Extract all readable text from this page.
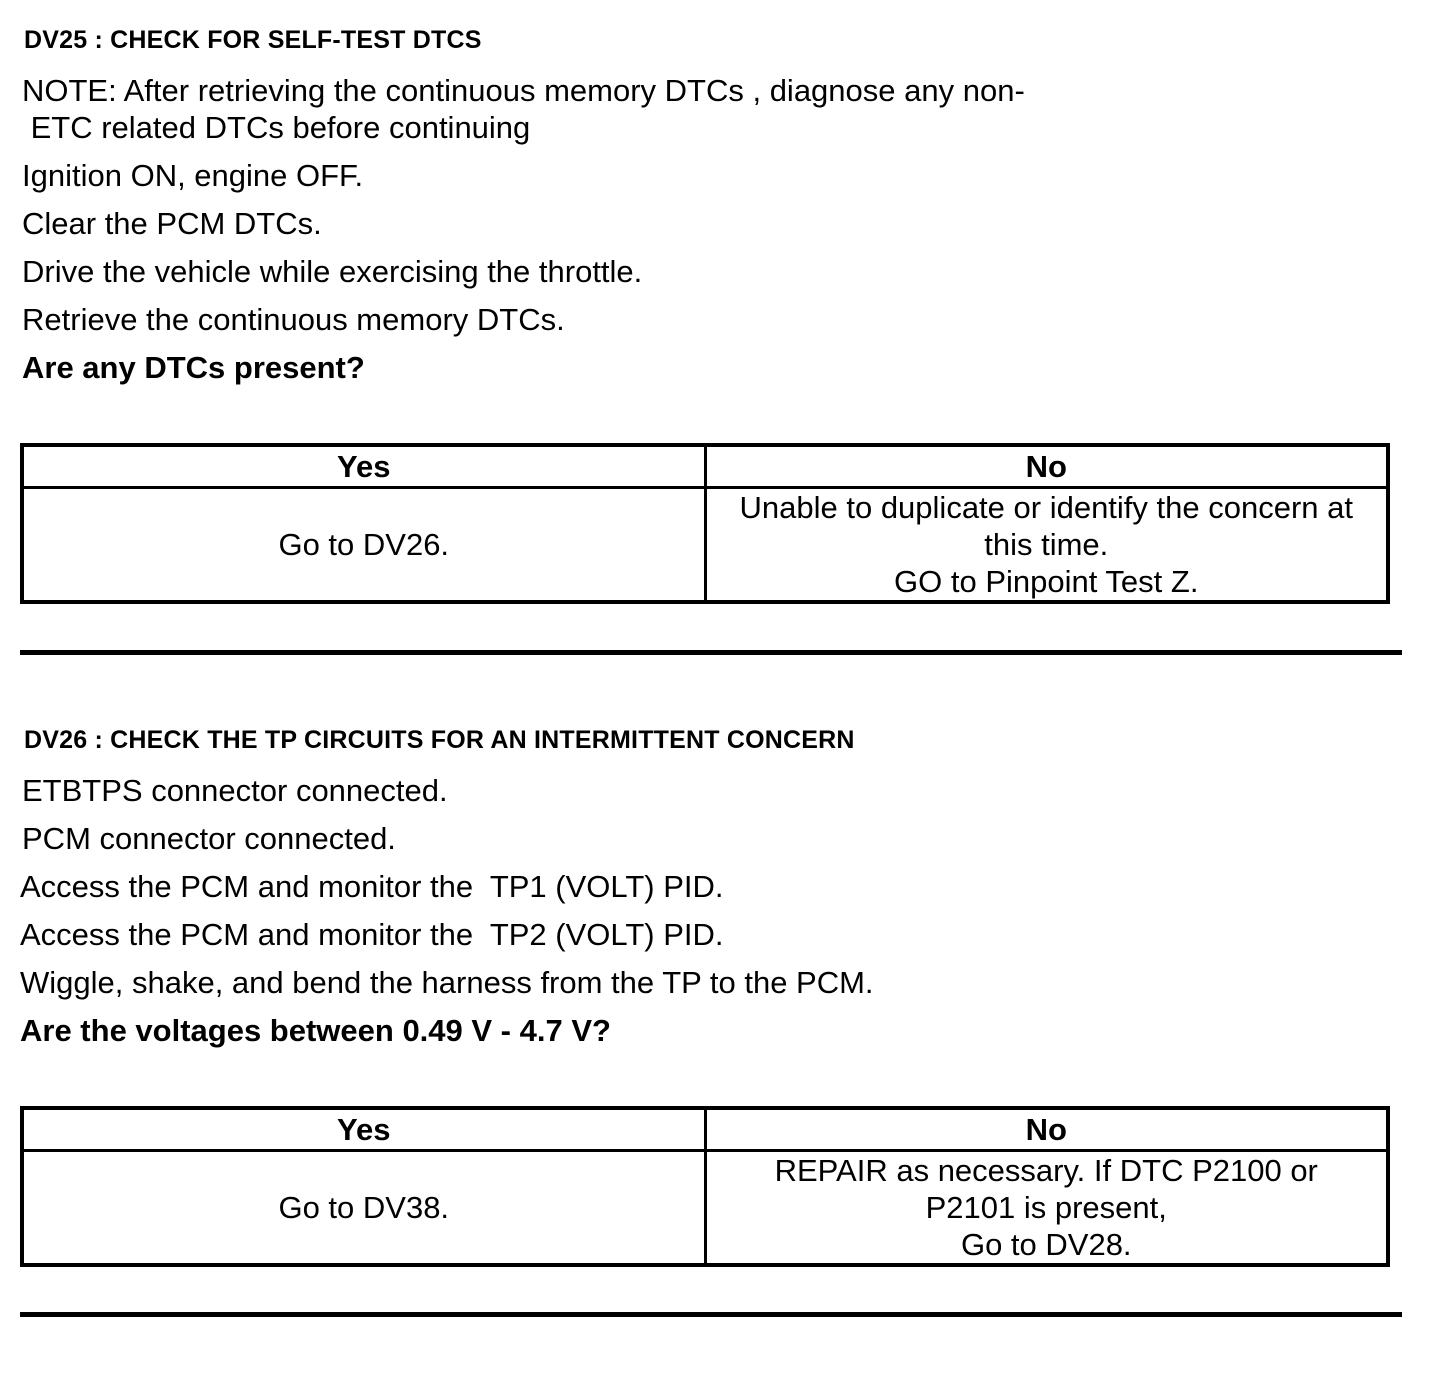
DV25 : CHECK FOR SELF-TEST DTCS
NOTE: After retrieving the continuous memory DTCs , diagnose any non-
ETC related DTCs before continuing
Ignition ON, engine OFF.
Clear the PCM DTCs.
Drive the vehicle while exercising the throttle.
Retrieve the continuous memory DTCs.
Are any DTCs present?
Yes	No
Go to DV26.	Unable to duplicate or identify the concern at
this time.
GO to Pinpoint Test Z.
DV26 : CHECK THE TP CIRCUITS FOR AN INTERMITTENT CONCERN
ETBTPS connector connected.
PCM connector connected.
Access the PCM and monitor the  TP1 (VOLT) PID.
Access the PCM and monitor the  TP2 (VOLT) PID.
Wiggle, shake, and bend the harness from the TP to the PCM.
Are the voltages between 0.49 V - 4.7 V?
Yes	No
Go to DV38.	REPAIR as necessary. If DTC P2100 or
P2101 is present,
Go to DV28.
